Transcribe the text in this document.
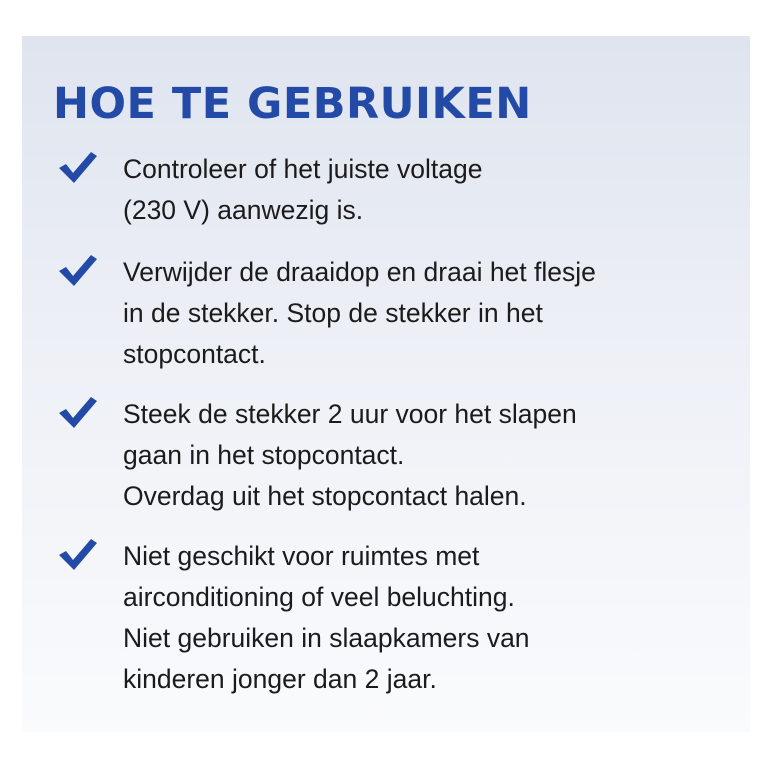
HOE TE GEBRUIKEN
Controleer of het juiste voltage
(230 V) aanwezig is.
Verwijder de draaidop en draai het flesje
in de stekker. Stop de stekker in het
stopcontact.
Steek de stekker 2 uur voor het slapen
gaan in het stopcontact.
Overdag uit het stopcontact halen.
Niet geschikt voor ruimtes met
airconditioning of veel beluchting.
Niet gebruiken in slaapkamers van
kinderen jonger dan 2 jaar.
